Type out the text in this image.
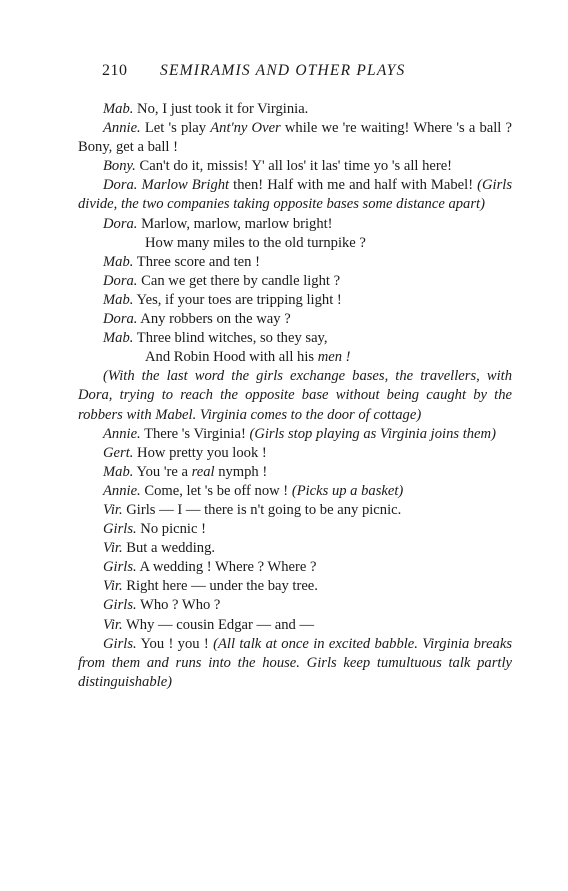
210	SEMIRAMIS AND OTHER PLAYS

Mab. No, I just took it for Virginia.

Annie. Let 's play Ant'ny Over while we 're waiting! Where 's a ball ? Bony, get a ball !

Bony. Can't do it, missis! Y' all los' it las' time yo 's all here!

Dora. Marlow Bright then! Half with me and half with Mabel! (Girls divide, the two companies taking opposite bases some distance apart)

Dora. Marlow, marlow, marlow bright!

How many miles to the old turnpike ?

Mab. Three score and ten !

Dora. Can we get there by candle light ?

Mab. Yes, if your toes are tripping light !

Dora. Any robbers on the way ?

Mab. Three blind witches, so they say,

And Robin Hood with all his men !

(With the last word the girls exchange bases, the travellers, with Dora, trying to reach the opposite base without being caught by the robbers with Mabel. Virginia comes to the door of cottage)

Annie. There 's Virginia! (Girls stop playing as Virginia joins them)

Gert. How pretty you look !

Mab. You 're a real nymph !

Annie. Come, let 's be off now ! (Picks up a basket)

Vir. Girls — I — there is n't going to be any picnic.

Girls. No picnic !

Vir. But a wedding.

Girls. A wedding ! Where ? Where ?

Vir. Right here — under the bay tree.

Girls. Who ? Who ?

Vir. Why — cousin Edgar — and —

Girls. You ! you ! (All talk at once in excited babble. Virginia breaks from them and runs into the house. Girls keep tumultuous talk partly distinguishable)
